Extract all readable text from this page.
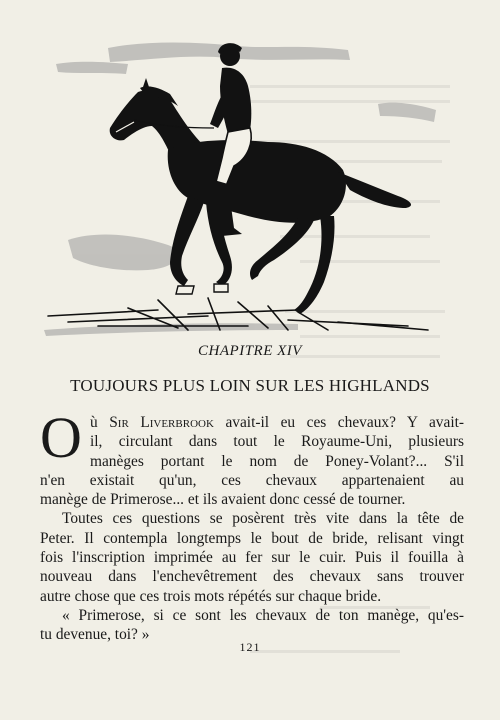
CHAPITRE XIV
TOUJOURS PLUS LOIN SUR LES HIGHLANDS
O ù Sir Liverbrook avait-il eu ces chevaux? Y avait-
il, circulant dans tout le Royaume-Uni, plusieurs
manèges portant le nom de Poney-Volant?... S'il
n'en existait qu'un, ces chevaux appartenaient au
manège de Primerose... et ils avaient donc cessé de tourner.
Toutes ces questions se posèrent très vite dans la tête de
Peter. Il contempla longtemps le bout de bride, relisant vingt
fois l'inscription imprimée au fer sur le cuir. Puis il fouilla à
nouveau dans l'enchevêtrement des chevaux sans trouver
autre chose que ces trois mots répétés sur chaque bride.
« Primerose, si ce sont les chevaux de ton manège, qu'es-
tu devenue, toi? »
121
